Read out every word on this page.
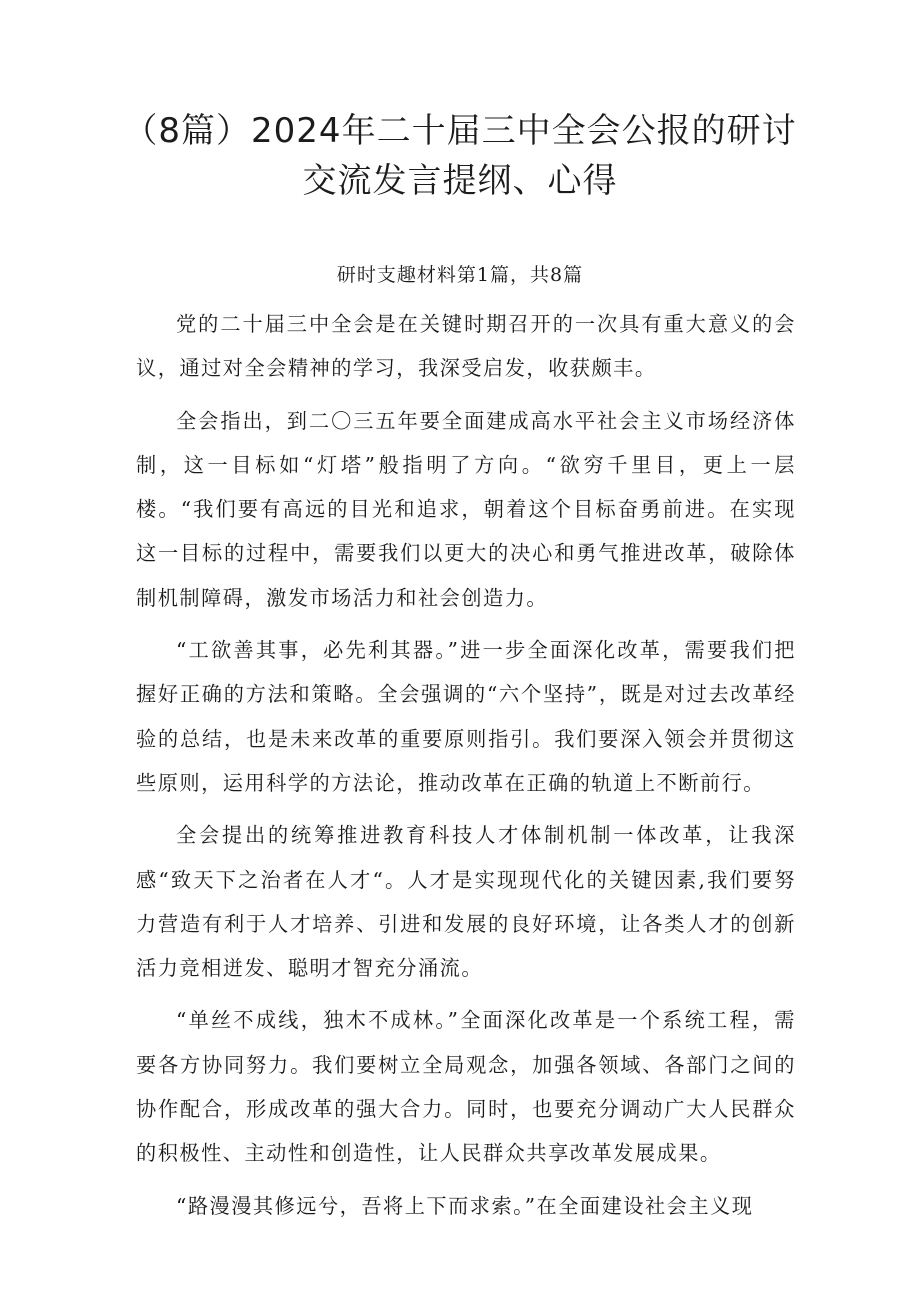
（8篇）2024年二十届三中全会公报的研讨
交流发言提纲、心得
研时支趣材料第1篇，共8篇

党的二十届三中全会是在关键时期召开的一次具有重大意义的会议，通过对全会精神的学习，我深受启发，收获颇丰。

全会指出，到二〇三五年要全面建成高水平社会主义市场经济体制，这一目标如“灯塔”般指明了方向。“欲穷千里目，更上一层楼。“我们要有高远的目光和追求，朝着这个目标奋勇前进。在实现这一目标的过程中，需要我们以更大的决心和勇气推进改革，破除体制机制障碍，激发市场活力和社会创造力。

“工欲善其事，必先利其器。”进一步全面深化改革，需要我们把握好正确的方法和策略。全会强调的“六个坚持”，既是对过去改革经验的总结，也是未来改革的重要原则指引。我们要深入领会并贯彻这些原则，运用科学的方法论，推动改革在正确的轨道上不断前行。

全会提出的统筹推进教育科技人才体制机制一体改革，让我深感“致天下之治者在人才“。人才是实现现代化的关键因素,我们要努力营造有利于人才培养、引进和发展的良好环境，让各类人才的创新活力竞相迸发、聪明才智充分涌流。

“单丝不成线，独木不成林。”全面深化改革是一个系统工程，需要各方协同努力。我们要树立全局观念，加强各领域、各部门之间的协作配合，形成改革的强大合力。同时，也要充分调动广大人民群众的积极性、主动性和创造性，让人民群众共享改革发展成果。

“路漫漫其修远兮，吾将上下而求索。”在全面建设社会主义现
